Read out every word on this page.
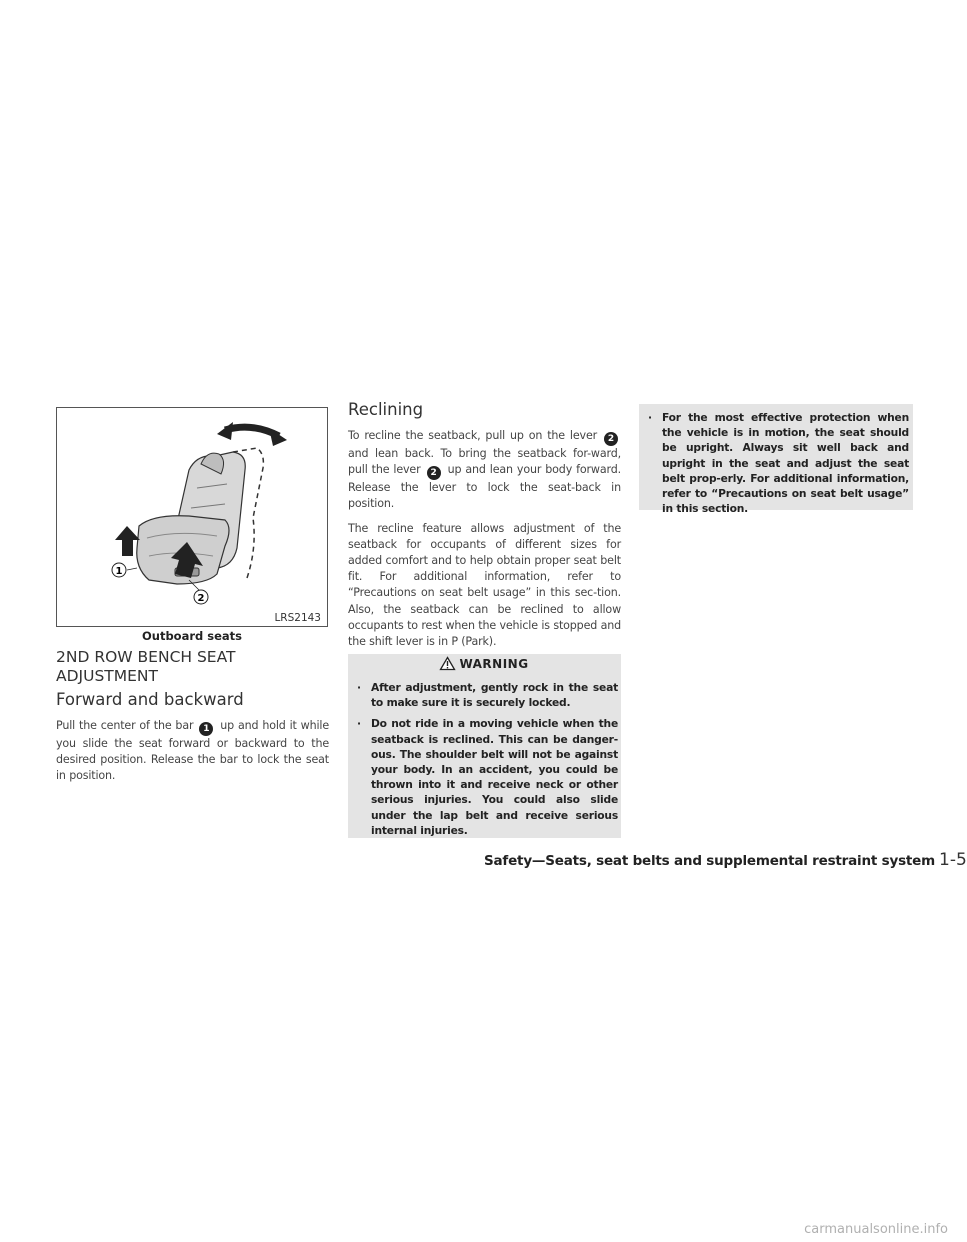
1
2
LRS2143
Outboard seats
2ND ROW BENCH SEAT ADJUSTMENT
Forward and backward

Pull the center of the bar 1 up and hold it while you slide the seat forward or backward to the desired position. Release the bar to lock the seat in position.

Reclining

To recline the seatback, pull up on the lever 2 and lean back. To bring the seatback for-ward, pull the lever 2 up and lean your body forward. Release the lever to lock the seat-back in position.

The recline feature allows adjustment of the seatback for occupants of different sizes for added comfort and to help obtain proper seat belt fit. For additional information, refer to “Precautions on seat belt usage” in this sec-tion. Also, the seatback can be reclined to allow occupants to rest when the vehicle is stopped and the shift lever is in P (Park).

WARNING
· After adjustment, gently rock in the seat to make sure it is securely locked.
· Do not ride in a moving vehicle when the seatback is reclined. This can be danger-ous. The shoulder belt will not be against your body. In an accident, you could be thrown into it and receive neck or other serious injuries. You could also slide under the lap belt and receive serious internal injuries.
· For the most effective protection when the vehicle is in motion, the seat should be upright. Always sit well back and upright in the seat and adjust the seat belt prop-erly. For additional information, refer to “Precautions on seat belt usage” in this section.
Safety—Seats, seat belts and supplemental restraint system 1-5
carmanualsonline.info
